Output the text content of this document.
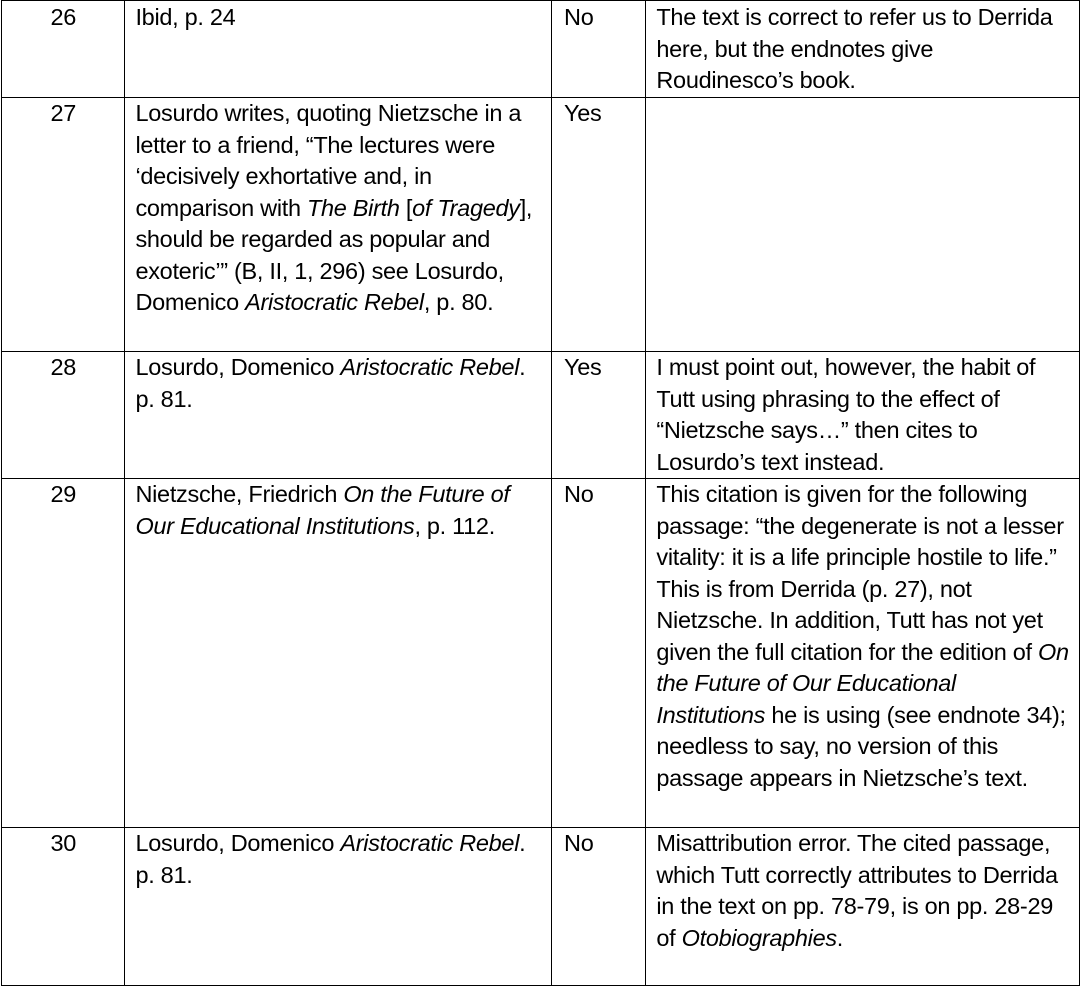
26	Ibid, p. 24	No	The text is correct to refer us to Derrida here, but the endnotes give Roudinesco’s book.
27	Losurdo writes, quoting Nietzsche in a letter to a friend, “The lectures were ‘decisively exhortative and, in comparison with The Birth [of Tragedy], should be regarded as popular and exoteric’” (B, II, 1, 296) see Losurdo, Domenico Aristocratic Rebel, p. 80.	Yes	
28	Losurdo, Domenico Aristocratic Rebel. p. 81.	Yes	I must point out, however, the habit of Tutt using phrasing to the effect of “Nietzsche says…” then cites to Losurdo’s text instead.
29	Nietzsche, Friedrich On the Future of Our Educational Institutions, p. 112.	No	This citation is given for the following passage: “the degenerate is not a lesser vitality: it is a life principle hostile to life.” This is from Derrida (p. 27), not Nietzsche. In addition, Tutt has not yet given the full citation for the edition of On the Future of Our Educational Institutions he is using (see endnote 34); needless to say, no version of this passage appears in Nietzsche’s text.
30	Losurdo, Domenico Aristocratic Rebel. p. 81.	No	Misattribution error. The cited passage, which Tutt correctly attributes to Derrida in the text on pp. 78-79, is on pp. 28-29 of Otobiographies.
